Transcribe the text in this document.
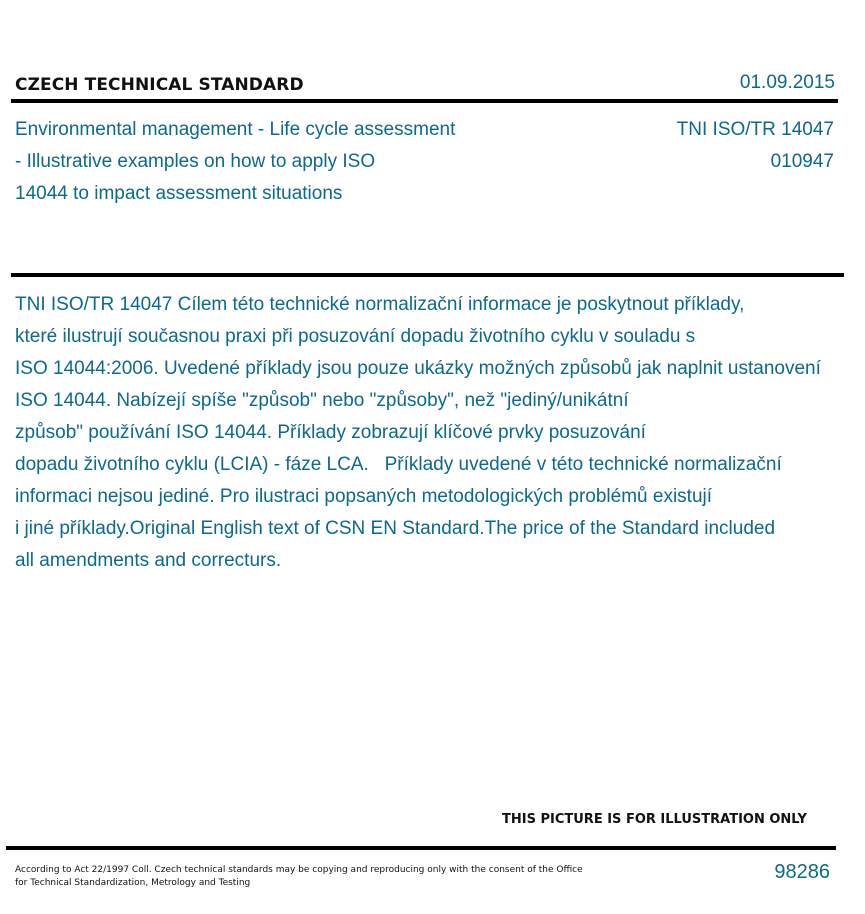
CZECH TECHNICAL STANDARD	01.09.2015
Environmental management - Life cycle assessment
- Illustrative examples on how to apply ISO
14044 to impact assessment situations
TNI ISO/TR 14047
010947
TNI ISO/TR 14047 Cílem této technické normalizační informace je poskytnout příklady,
které ilustrují současnou praxi při posuzování dopadu životního cyklu v souladu s
ISO 14044:2006. Uvedené příklady jsou pouze ukázky možných způsobů jak naplnit ustanovení
ISO 14044. Nabízejí spíše "způsob" nebo "způsoby", než "jediný/unikátní
způsob" používání ISO 14044. Příklady zobrazují klíčové prvky posuzování
dopadu životního cyklu (LCIA) - fáze LCA.   Příklady uvedené v této technické normalizační
informaci nejsou jediné. Pro ilustraci popsaných metodologických problémů existují
i jiné příklady.Original English text of CSN EN Standard.The price of the Standard included
all amendments and correcturs.
THIS PICTURE IS FOR ILLUSTRATION ONLY
According to Act 22/1997 Coll. Czech technical standards may be copying and reproducing only with the consent of the Office
for Technical Standardization, Metrology and Testing	98286
